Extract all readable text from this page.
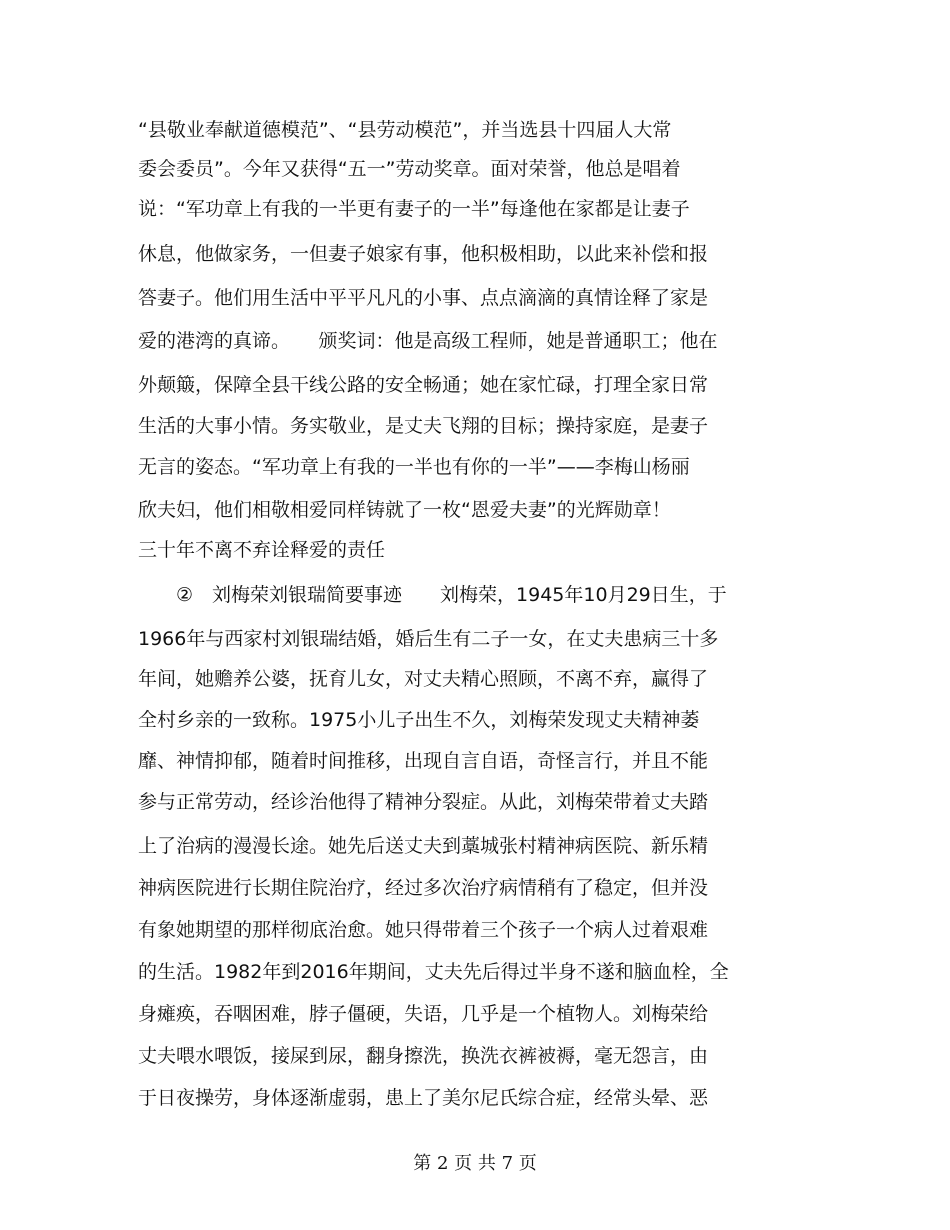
“县敬业奉献道德模范”、“县劳动模范”，并当选县十四届人大常
委会委员”。今年又获得“五一”劳动奖章。面对荣誉，他总是唱着
说：“军功章上有我的一半更有妻子的一半”每逢他在家都是让妻子
休息，他做家务，一但妻子娘家有事，他积极相助，以此来补偿和报
答妻子。他们用生活中平平凡凡的小事、点点滴滴的真情诠释了家是
爱的港湾的真谛。　　颁奖词：他是高级工程师，她是普通职工；他在
外颠簸，保障全县干线公路的安全畅通；她在家忙碌，打理全家日常
生活的大事小情。务实敬业，是丈夫飞翔的目标；操持家庭，是妻子
无言的姿态。“军功章上有我的一半也有你的一半”——李梅山杨丽
欣夫妇，他们相敬相爱同样铸就了一枚“恩爱夫妻”的光辉勋章！
三十年不离不弃诠释爱的责任
　　②　刘梅荣刘银瑞简要事迹　　刘梅荣，1945年10月29日生，于
1966年与西家村刘银瑞结婚，婚后生有二子一女，在丈夫患病三十多
年间，她赡养公婆，抚育儿女，对丈夫精心照顾，不离不弃，赢得了
全村乡亲的一致称。1975小儿子出生不久，刘梅荣发现丈夫精神萎
靡、神情抑郁，随着时间推移，出现自言自语，奇怪言行，并且不能
参与正常劳动，经诊治他得了精神分裂症。从此，刘梅荣带着丈夫踏
上了治病的漫漫长途。她先后送丈夫到藁城张村精神病医院、新乐精
神病医院进行长期住院治疗，经过多次治疗病情稍有了稳定，但并没
有象她期望的那样彻底治愈。她只得带着三个孩子一个病人过着艰难
的生活。1982年到2016年期间，丈夫先后得过半身不遂和脑血栓，全
身瘫痪，吞咽困难，脖子僵硬，失语，几乎是一个植物人。刘梅荣给
丈夫喂水喂饭，接屎到尿，翻身擦洗，换洗衣裤被褥，毫无怨言，由
于日夜操劳，身体逐渐虚弱，患上了美尔尼氏综合症，经常头晕、恶
第 2 页 共 7 页
